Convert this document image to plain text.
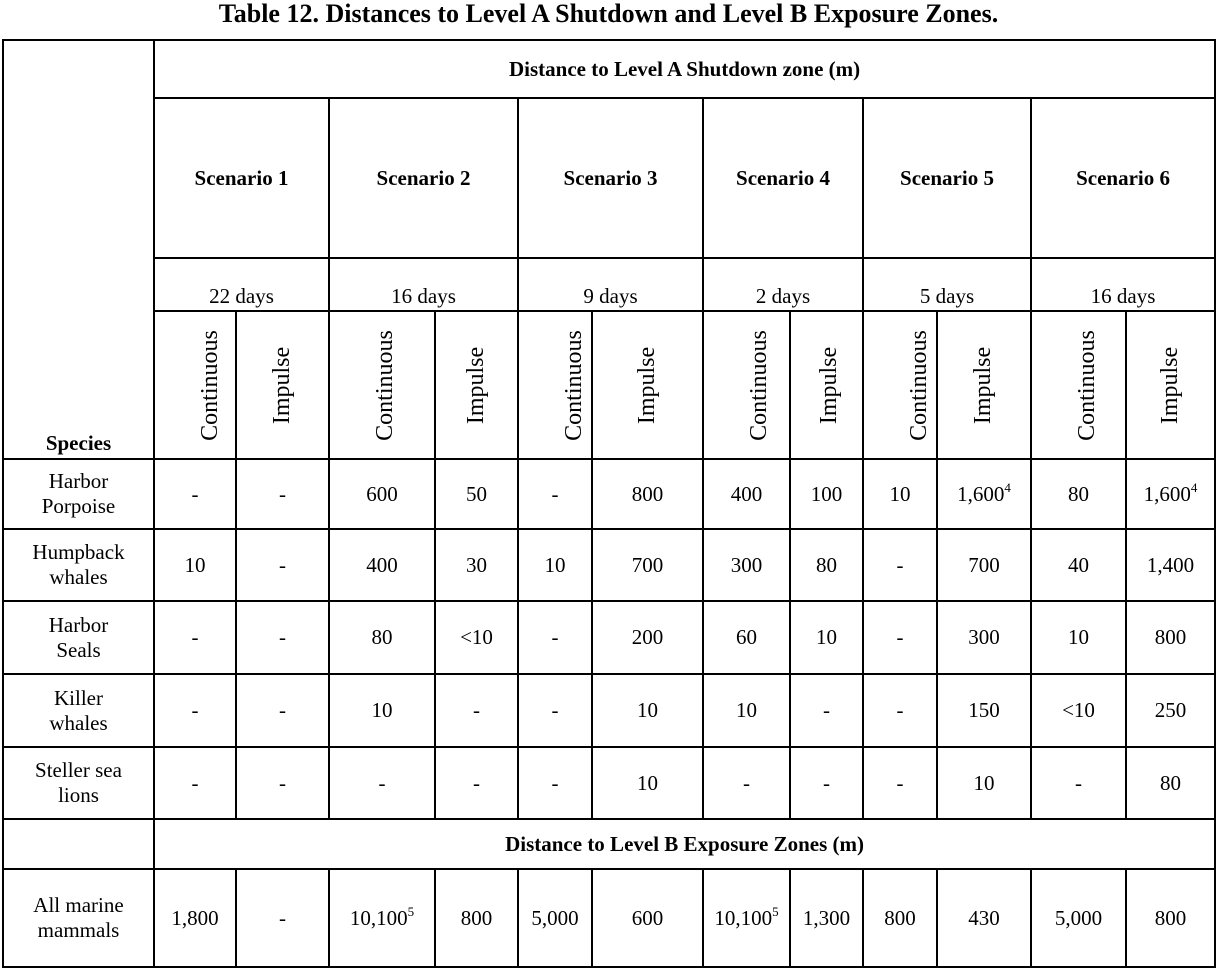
Table 12. Distances to Level A Shutdown and Level B Exposure Zones.
Species	Distance to Level A Shutdown zone (m)											
	Scenario 1		Scenario 2		Scenario 3		Scenario 4		Scenario 5		Scenario 6	
	22 days		16 days		9 days		2 days		5 days		16 days	
	Continuous	Impulse	Continuous	Impulse	Continuous	Impulse	Continuous	Impulse	Continuous	Impulse	Continuous	Impulse

Harbor
Porpoise	-	-	600	50	-	800	400	100	10	1,600$^4$	80	1,600$^4$

Humpback
whales	10	-	400	30	10	700	300	80	-	700	40	1,400

Harbor
Seals	-	-	80	<10	-	200	60	10	-	300	10	800

Killer
whales	-	-	10	-	-	10	10	-	-	150	<10	250

Steller sea
lions	-	-	-	-	-	10	-	-	-	10	-	80
	Distance to Level B Exposure Zones (m)											

All marine
mammals	1,800	-	10,100$^5$	800	5,000	600	10,100$^5$	1,300	800	430	5,000	800
